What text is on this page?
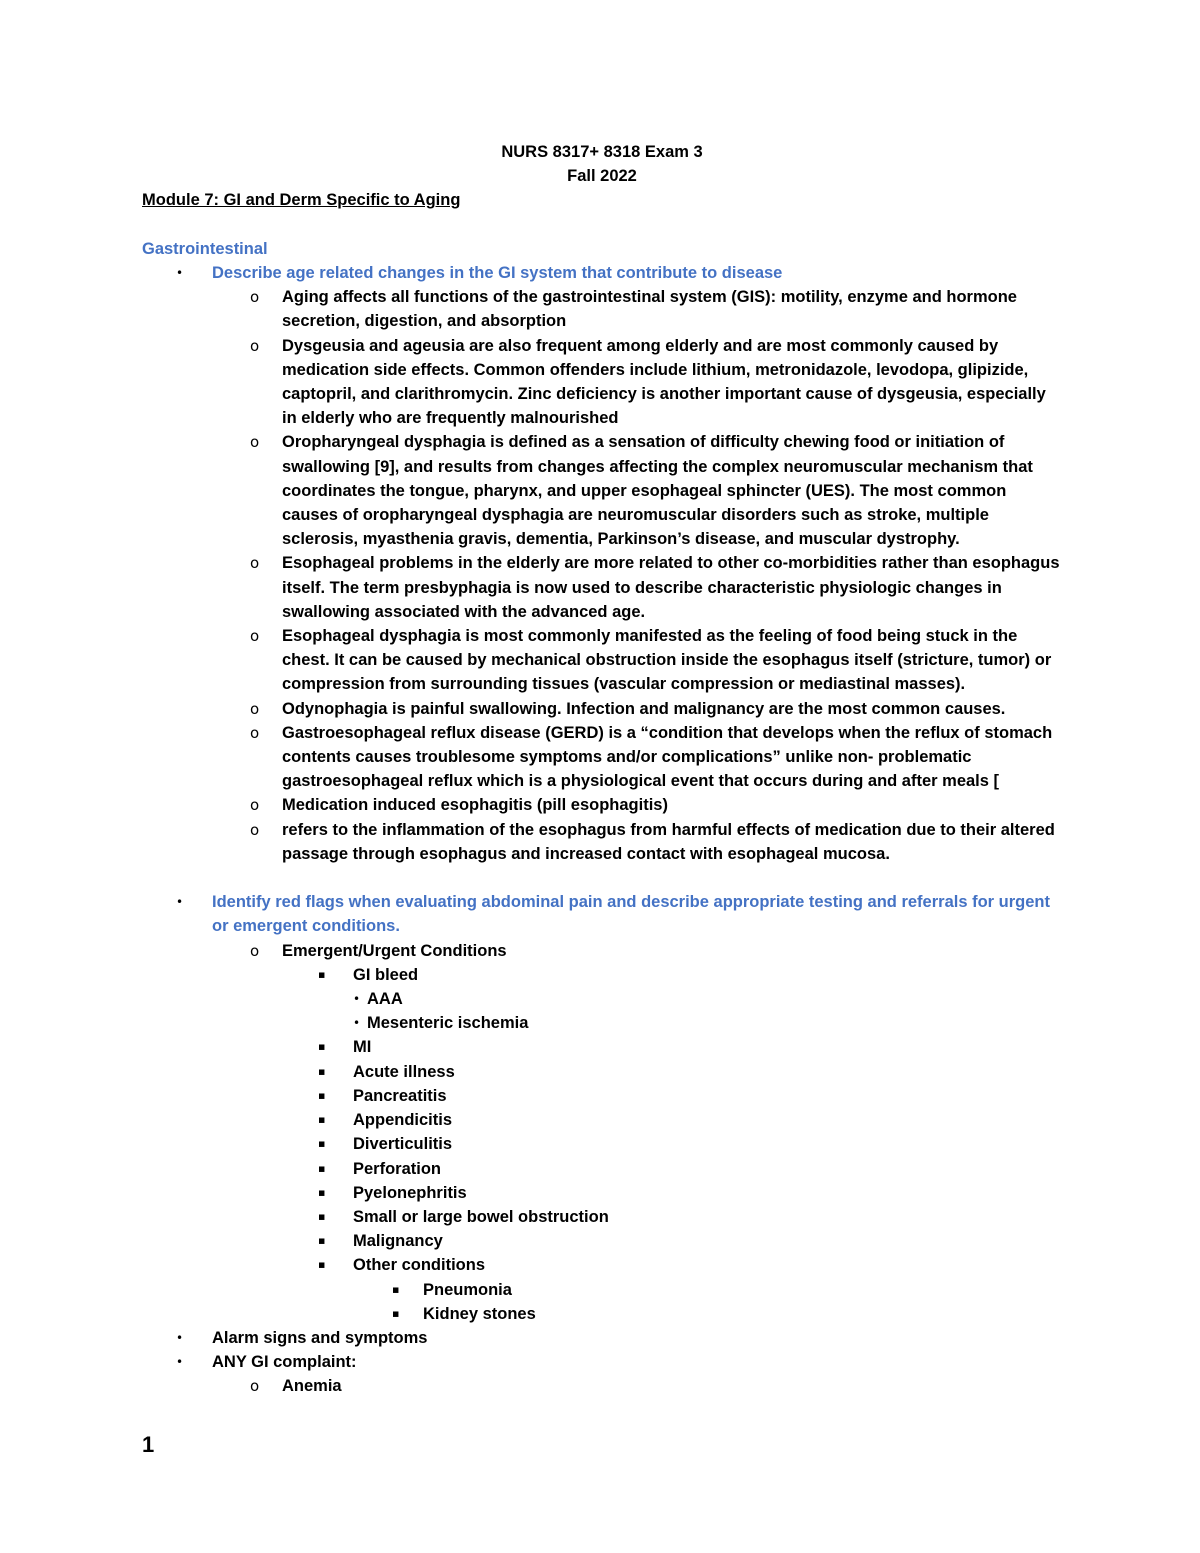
NURS 8317+ 8318 Exam 3
Fall 2022
Module 7: GI and Derm Specific to Aging
Gastrointestinal
• Describe age related changes in the GI system that contribute to disease
o Aging affects all functions of the gastrointestinal system (GIS): motility, enzyme and hormone secretion, digestion, and absorption
o Dysgeusia and ageusia are also frequent among elderly and are most commonly caused by medication side effects. Common offenders include lithium, metronidazole, levodopa, glipizide, captopril, and clarithromycin. Zinc deficiency is another important cause of dysgeusia, especially in elderly who are frequently malnourished
o Oropharyngeal dysphagia is defined as a sensation of difficulty chewing food or initiation of swallowing [9], and results from changes affecting the complex neuromuscular mechanism that coordinates the tongue, pharynx, and upper esophageal sphincter (UES). The most common causes of oropharyngeal dysphagia are neuromuscular disorders such as stroke, multiple sclerosis, myasthenia gravis, dementia, Parkinson’s disease, and muscular dystrophy.
o Esophageal problems in the elderly are more related to other co-morbidities rather than esophagus itself. The term presbyphagia is now used to describe characteristic physiologic changes in swallowing associated with the advanced age.
o Esophageal dysphagia is most commonly manifested as the feeling of food being stuck in the chest. It can be caused by mechanical obstruction inside the esophagus itself (stricture, tumor) or compression from surrounding tissues (vascular compression or mediastinal masses).
o Odynophagia is painful swallowing. Infection and malignancy are the most common causes.
o Gastroesophageal reflux disease (GERD) is a “condition that develops when the reflux of stomach contents causes troublesome symptoms and/or complications” unlike non- problematic gastroesophageal reflux which is a physiological event that occurs during and after meals [
o Medication induced esophagitis (pill esophagitis)
o refers to the inflammation of the esophagus from harmful effects of medication due to their altered passage through esophagus and increased contact with esophageal mucosa.
• Identify red flags when evaluating abdominal pain and describe appropriate testing and referrals for urgent or emergent conditions.
o Emergent/Urgent Conditions
▪ GI bleed
• AAA
• Mesenteric ischemia
▪ MI
▪ Acute illness
▪ Pancreatitis
▪ Appendicitis
▪ Diverticulitis
▪ Perforation
▪ Pyelonephritis
▪ Small or large bowel obstruction
▪ Malignancy
▪ Other conditions
▪ Pneumonia
▪ Kidney stones
• Alarm signs and symptoms
• ANY GI complaint:
o Anemia
1
